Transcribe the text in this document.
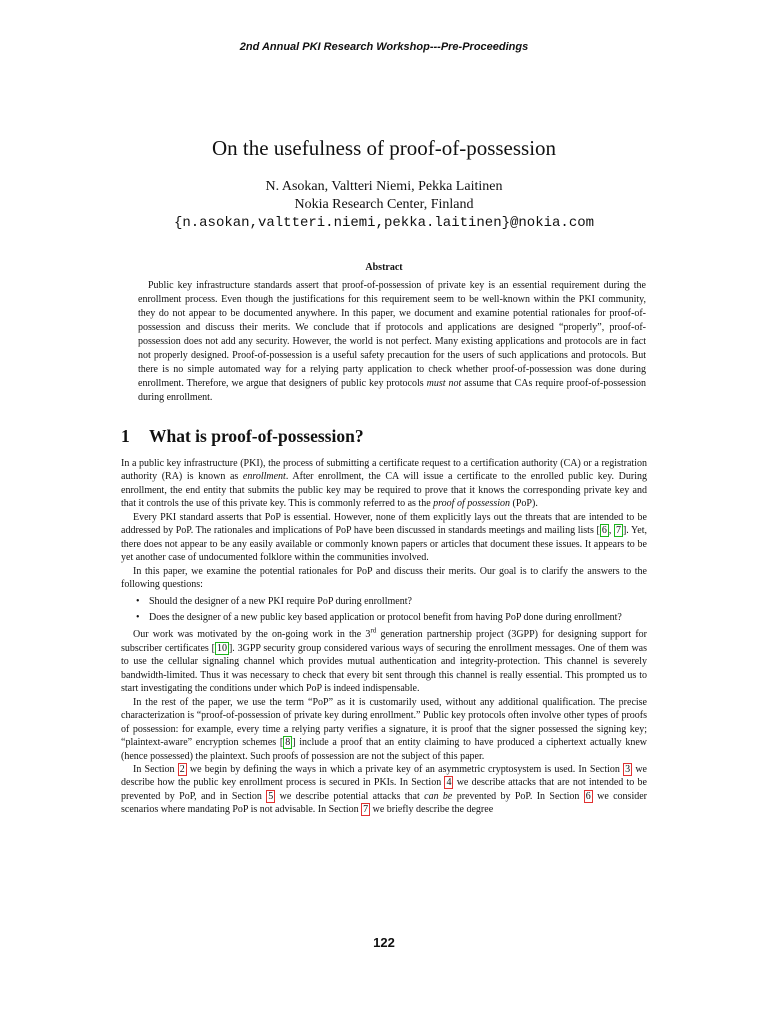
2nd Annual PKI Research Workshop---Pre-Proceedings
On the usefulness of proof-of-possession
N. Asokan, Valtteri Niemi, Pekka Laitinen
Nokia Research Center, Finland
{n.asokan,valtteri.niemi,pekka.laitinen}@nokia.com
Abstract
Public key infrastructure standards assert that proof-of-possession of private key is an essential requirement during the enrollment process. Even though the justifications for this requirement seem to be well-known within the PKI community, they do not appear to be documented anywhere. In this paper, we document and examine potential rationales for proof-of-possession and discuss their merits. We conclude that if protocols and applications are designed “properly”, proof-of-possession does not add any security. However, the world is not perfect. Many existing applications and protocols are in fact not properly designed. Proof-of-possession is a useful safety precaution for the users of such applications and protocols. But there is no simple automated way for a relying party application to check whether proof-of-possession was done during enrollment. Therefore, we argue that designers of public key protocols must not assume that CAs require proof-of-possession during enrollment.
1 What is proof-of-possession?

In a public key infrastructure (PKI), the process of submitting a certificate request to a certification authority (CA) or a registration authority (RA) is known as enrollment. After enrollment, the CA will issue a certificate to the enrolled public key. During enrollment, the end entity that submits the public key may be required to prove that it knows the corresponding private key and that it controls the use of this private key. This is commonly referred to as the proof of possession (PoP).

Every PKI standard asserts that PoP is essential. However, none of them explicitly lays out the threats that are intended to be addressed by PoP. The rationales and implications of PoP have been discussed in standards meetings and mailing lists [ 6 , 7 ]. Yet, there does not appear to be any easily available or commonly known papers or articles that document these issues. It appears to be yet another case of undocumented folklore within the communities involved.

In this paper, we examine the potential rationales for PoP and discuss their merits. Our goal is to clarify the answers to the following questions:

• Should the designer of a new PKI require PoP during enrollment?
• Does the designer of a new public key based application or protocol benefit from having PoP done during enrollment?

Our work was motivated by the on-going work in the 3rd generation partnership project (3GPP) for designing support for subscriber certificates [ 10 ]. 3GPP security group considered various ways of securing the enrollment messages. One of them was to use the cellular signaling channel which provides mutual authentication and integrity-protection. This channel is severely bandwidth-limited. Thus it was necessary to check that every bit sent through this channel is really essential. This prompted us to start investigating the conditions under which PoP is indeed indispensable.

In the rest of the paper, we use the term “PoP” as it is customarily used, without any additional qualification. The precise characterization is “proof-of-possession of private key during enrollment.” Public key protocols often involve other types of proofs of possession: for example, every time a relying party verifies a signature, it is proof that the signer possessed the signing key; “plaintext-aware” encryption schemes [ 8 ] include a proof that an entity claiming to have produced a ciphertext actually knew (hence possessed) the plaintext. Such proofs of possession are not the subject of this paper.

In Section 2 we begin by defining the ways in which a private key of an asymmetric cryptosystem is used. In Section 3 we describe how the public key enrollment process is secured in PKIs. In Section 4 we describe attacks that are not intended to be prevented by PoP, and in Section 5 we describe potential attacks that can be prevented by PoP. In Section 6 we consider scenarios where mandating PoP is not advisable. In Section 7 we briefly describe the degree

122
